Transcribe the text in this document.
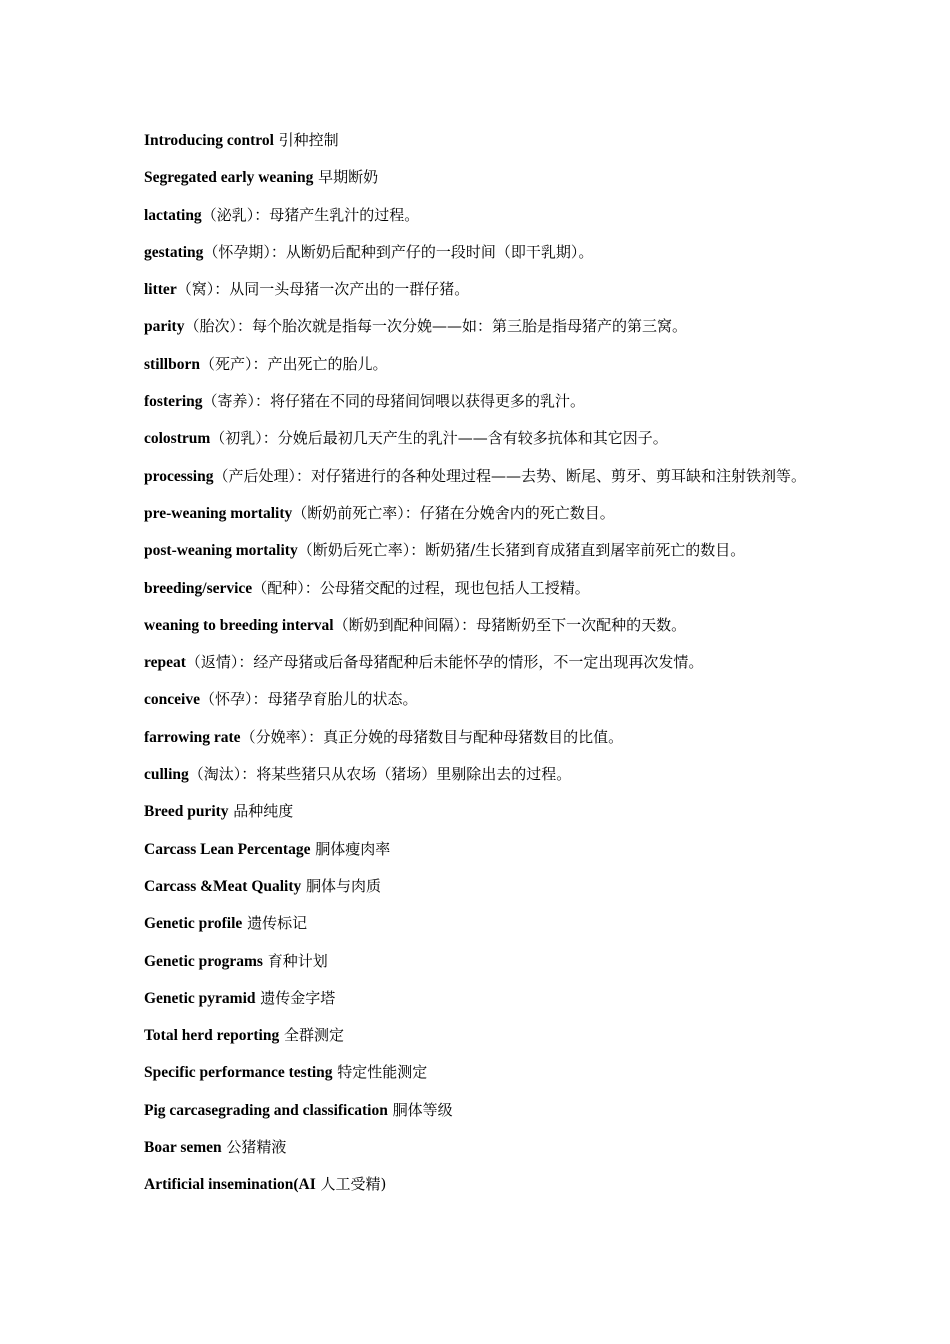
Introducing control 引种控制
Segregated early weaning 早期断奶
lactating（泌乳）：母猪产生乳汁的过程。
gestating（怀孕期）：从断奶后配种到产仔的一段时间（即干乳期）。
litter（窝）：从同一头母猪一次产出的一群仔猪。
parity（胎次）：每个胎次就是指每一次分娩——如：第三胎是指母猪产的第三窝。
stillborn（死产）：产出死亡的胎儿。
fostering（寄养）：将仔猪在不同的母猪间饲喂以获得更多的乳汁。
colostrum（初乳）：分娩后最初几天产生的乳汁——含有较多抗体和其它因子。
processing（产后处理）：对仔猪进行的各种处理过程——去势、断尾、剪牙、剪耳缺和注射铁剂等。
pre-weaning mortality（断奶前死亡率）：仔猪在分娩舍内的死亡数目。
post-weaning mortality（断奶后死亡率）：断奶猪/生长猪到育成猪直到屠宰前死亡的数目。
breeding/service（配种）：公母猪交配的过程，现也包括人工授精。
weaning to breeding interval（断奶到配种间隔）：母猪断奶至下一次配种的天数。
repeat（返情）：经产母猪或后备母猪配种后未能怀孕的情形，不一定出现再次发情。
conceive（怀孕）：母猪孕育胎儿的状态。
farrowing rate（分娩率）：真正分娩的母猪数目与配种母猪数目的比值。
culling（淘汰）：将某些猪只从农场（猪场）里剔除出去的过程。
Breed purity 品种纯度
Carcass Lean Percentage 胴体瘦肉率
Carcass &Meat Quality 胴体与肉质
Genetic profile 遗传标记
Genetic programs 育种计划
Genetic pyramid 遗传金字塔
Total herd reporting 全群测定
Specific performance testing 特定性能测定
Pig carcasegrading and classification 胴体等级
Boar semen 公猪精液
Artificial insemination(AI 人工受精)
